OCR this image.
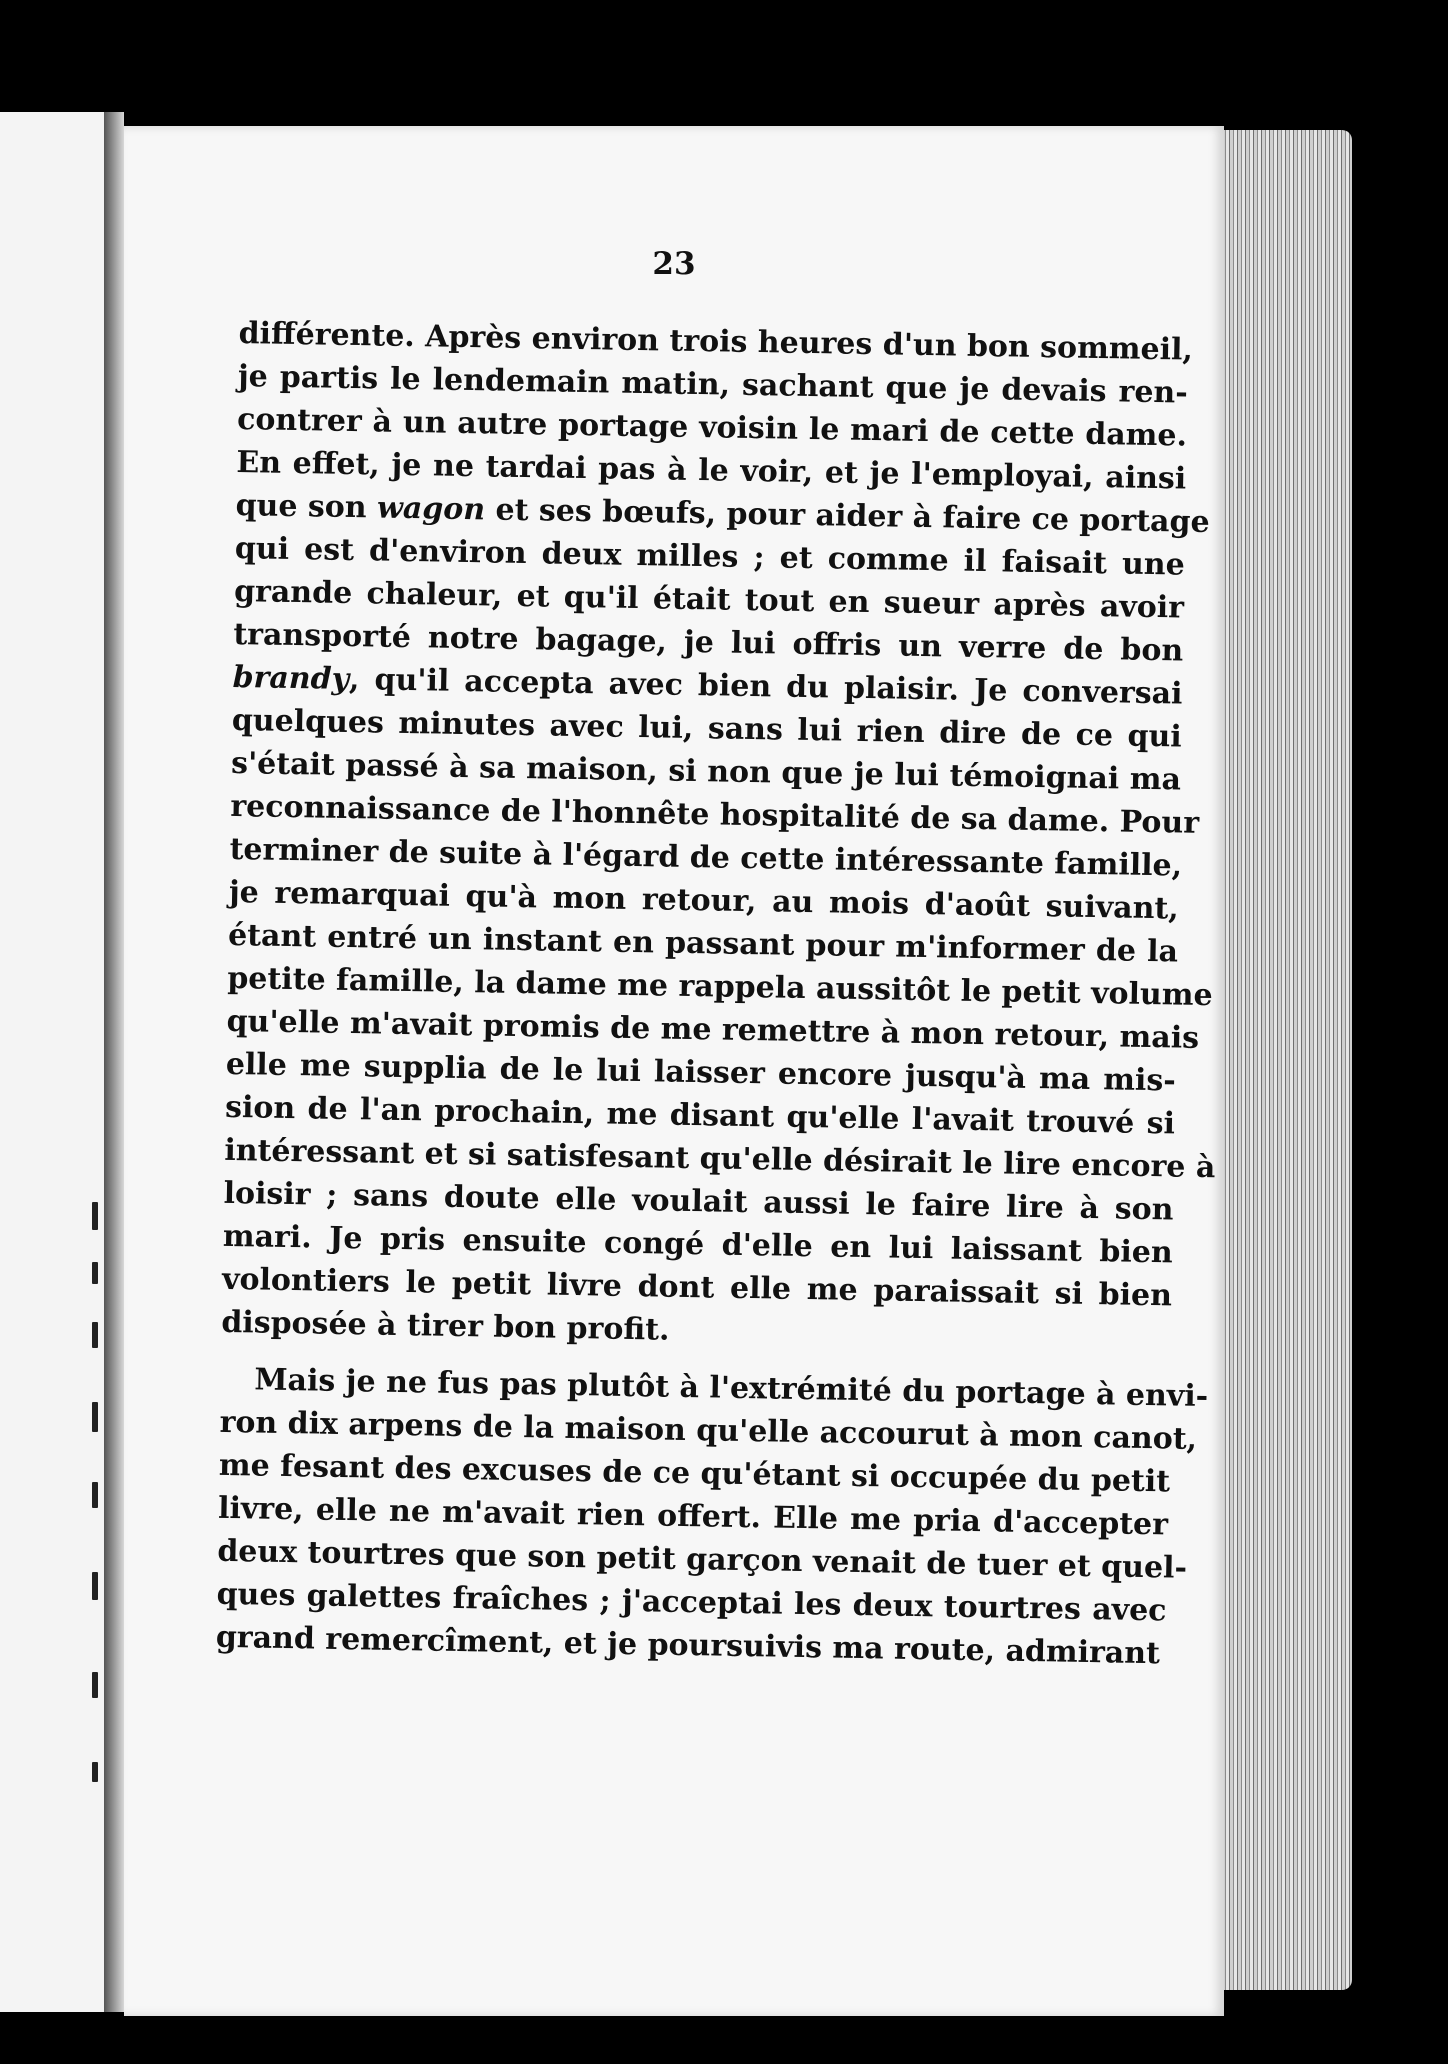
23
différente. Après environ trois heures d'un bon sommeil,
je partis le lendemain matin, sachant que je devais ren-
contrer à un autre portage voisin le mari de cette dame.
En effet, je ne tardai pas à le voir, et je l'employai, ainsi
que son wagon et ses bœufs, pour aider à faire ce portage
qui est d'environ deux milles ; et comme il faisait une
grande chaleur, et qu'il était tout en sueur après avoir
transporté notre bagage, je lui offris un verre de bon
brandy, qu'il accepta avec bien du plaisir. Je conversai
quelques minutes avec lui, sans lui rien dire de ce qui
s'était passé à sa maison, si non que je lui témoignai ma
reconnaissance de l'honnête hospitalité de sa dame. Pour
terminer de suite à l'égard de cette intéressante famille,
je remarquai qu'à mon retour, au mois d'août suivant,
étant entré un instant en passant pour m'informer de la
petite famille, la dame me rappela aussitôt le petit volume
qu'elle m'avait promis de me remettre à mon retour, mais
elle me supplia de le lui laisser encore jusqu'à ma mis-
sion de l'an prochain, me disant qu'elle l'avait trouvé si
intéressant et si satisfesant qu'elle désirait le lire encore à
loisir ; sans doute elle voulait aussi le faire lire à son
mari. Je pris ensuite congé d'elle en lui laissant bien
volontiers le petit livre dont elle me paraissait si bien
disposée à tirer bon profit.
Mais je ne fus pas plutôt à l'extrémité du portage à envi-
ron dix arpens de la maison qu'elle accourut à mon canot,
me fesant des excuses de ce qu'étant si occupée du petit
livre, elle ne m'avait rien offert. Elle me pria d'accepter
deux tourtres que son petit garçon venait de tuer et quel-
ques galettes fraîches ; j'acceptai les deux tourtres avec
grand remercîment, et je poursuivis ma route, admirant
